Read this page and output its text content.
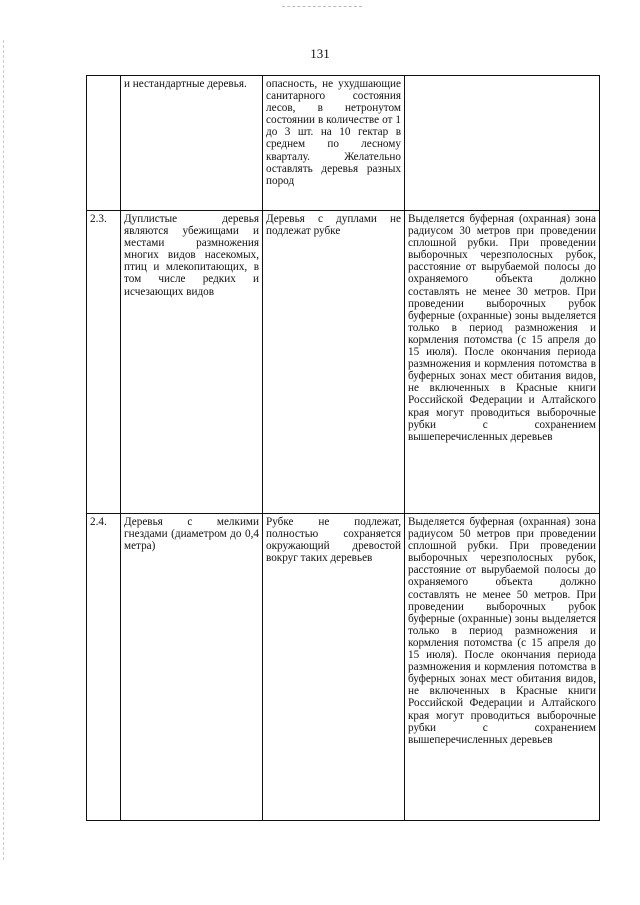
131
	и нестандартные деревья.	опасность, не ухудшающие санитарного состояния лесов, в нетронутом состоянии в количестве от 1 до 3 шт. на 10 гектар в среднем по лесному кварталу. Желательно оставлять деревья разных пород	
2.3.	Дуплистые деревья являются убежищами и местами размножения многих видов насекомых, птиц и млекопитающих, в том числе редких и исчезающих видов	Деревья с дуплами не подлежат рубке	Выделяется буферная (охранная) зона радиусом 30 метров при проведении сплошной рубки. При проведении выборочных черезполосных рубок, расстояние от вырубаемой полосы до охраняемого объекта должно составлять не менее 30 метров. При проведении выборочных рубок буферные (охранные) зоны выделяется только в период размножения и кормления потомства (с 15 апреля до 15 июля). После окончания периода размножения и кормления потомства в буферных зонах мест обитания видов, не включенных в Красные книги Российской Федерации и Алтайского края могут проводиться выборочные рубки с сохранением вышеперечисленных деревьев
2.4.	Деревья с мелкими гнездами (диаметром до 0,4 метра)	Рубке не подлежат, полностью сохраняется окружающий древостой вокруг таких деревьев	Выделяется буферная (охранная) зона радиусом 50 метров при проведении сплошной рубки. При проведении выборочных черезполосных рубок, расстояние от вырубаемой полосы до охраняемого объекта должно составлять не менее 50 метров. При проведении выборочных рубок буферные (охранные) зоны выделяется только в период размножения и кормления потомства (с 15 апреля до 15 июля). После окончания периода размножения и кормления потомства в буферных зонах мест обитания видов, не включенных в Красные книги Российской Федерации и Алтайского края могут проводиться выборочные рубки с сохранением вышеперечисленных деревьев
